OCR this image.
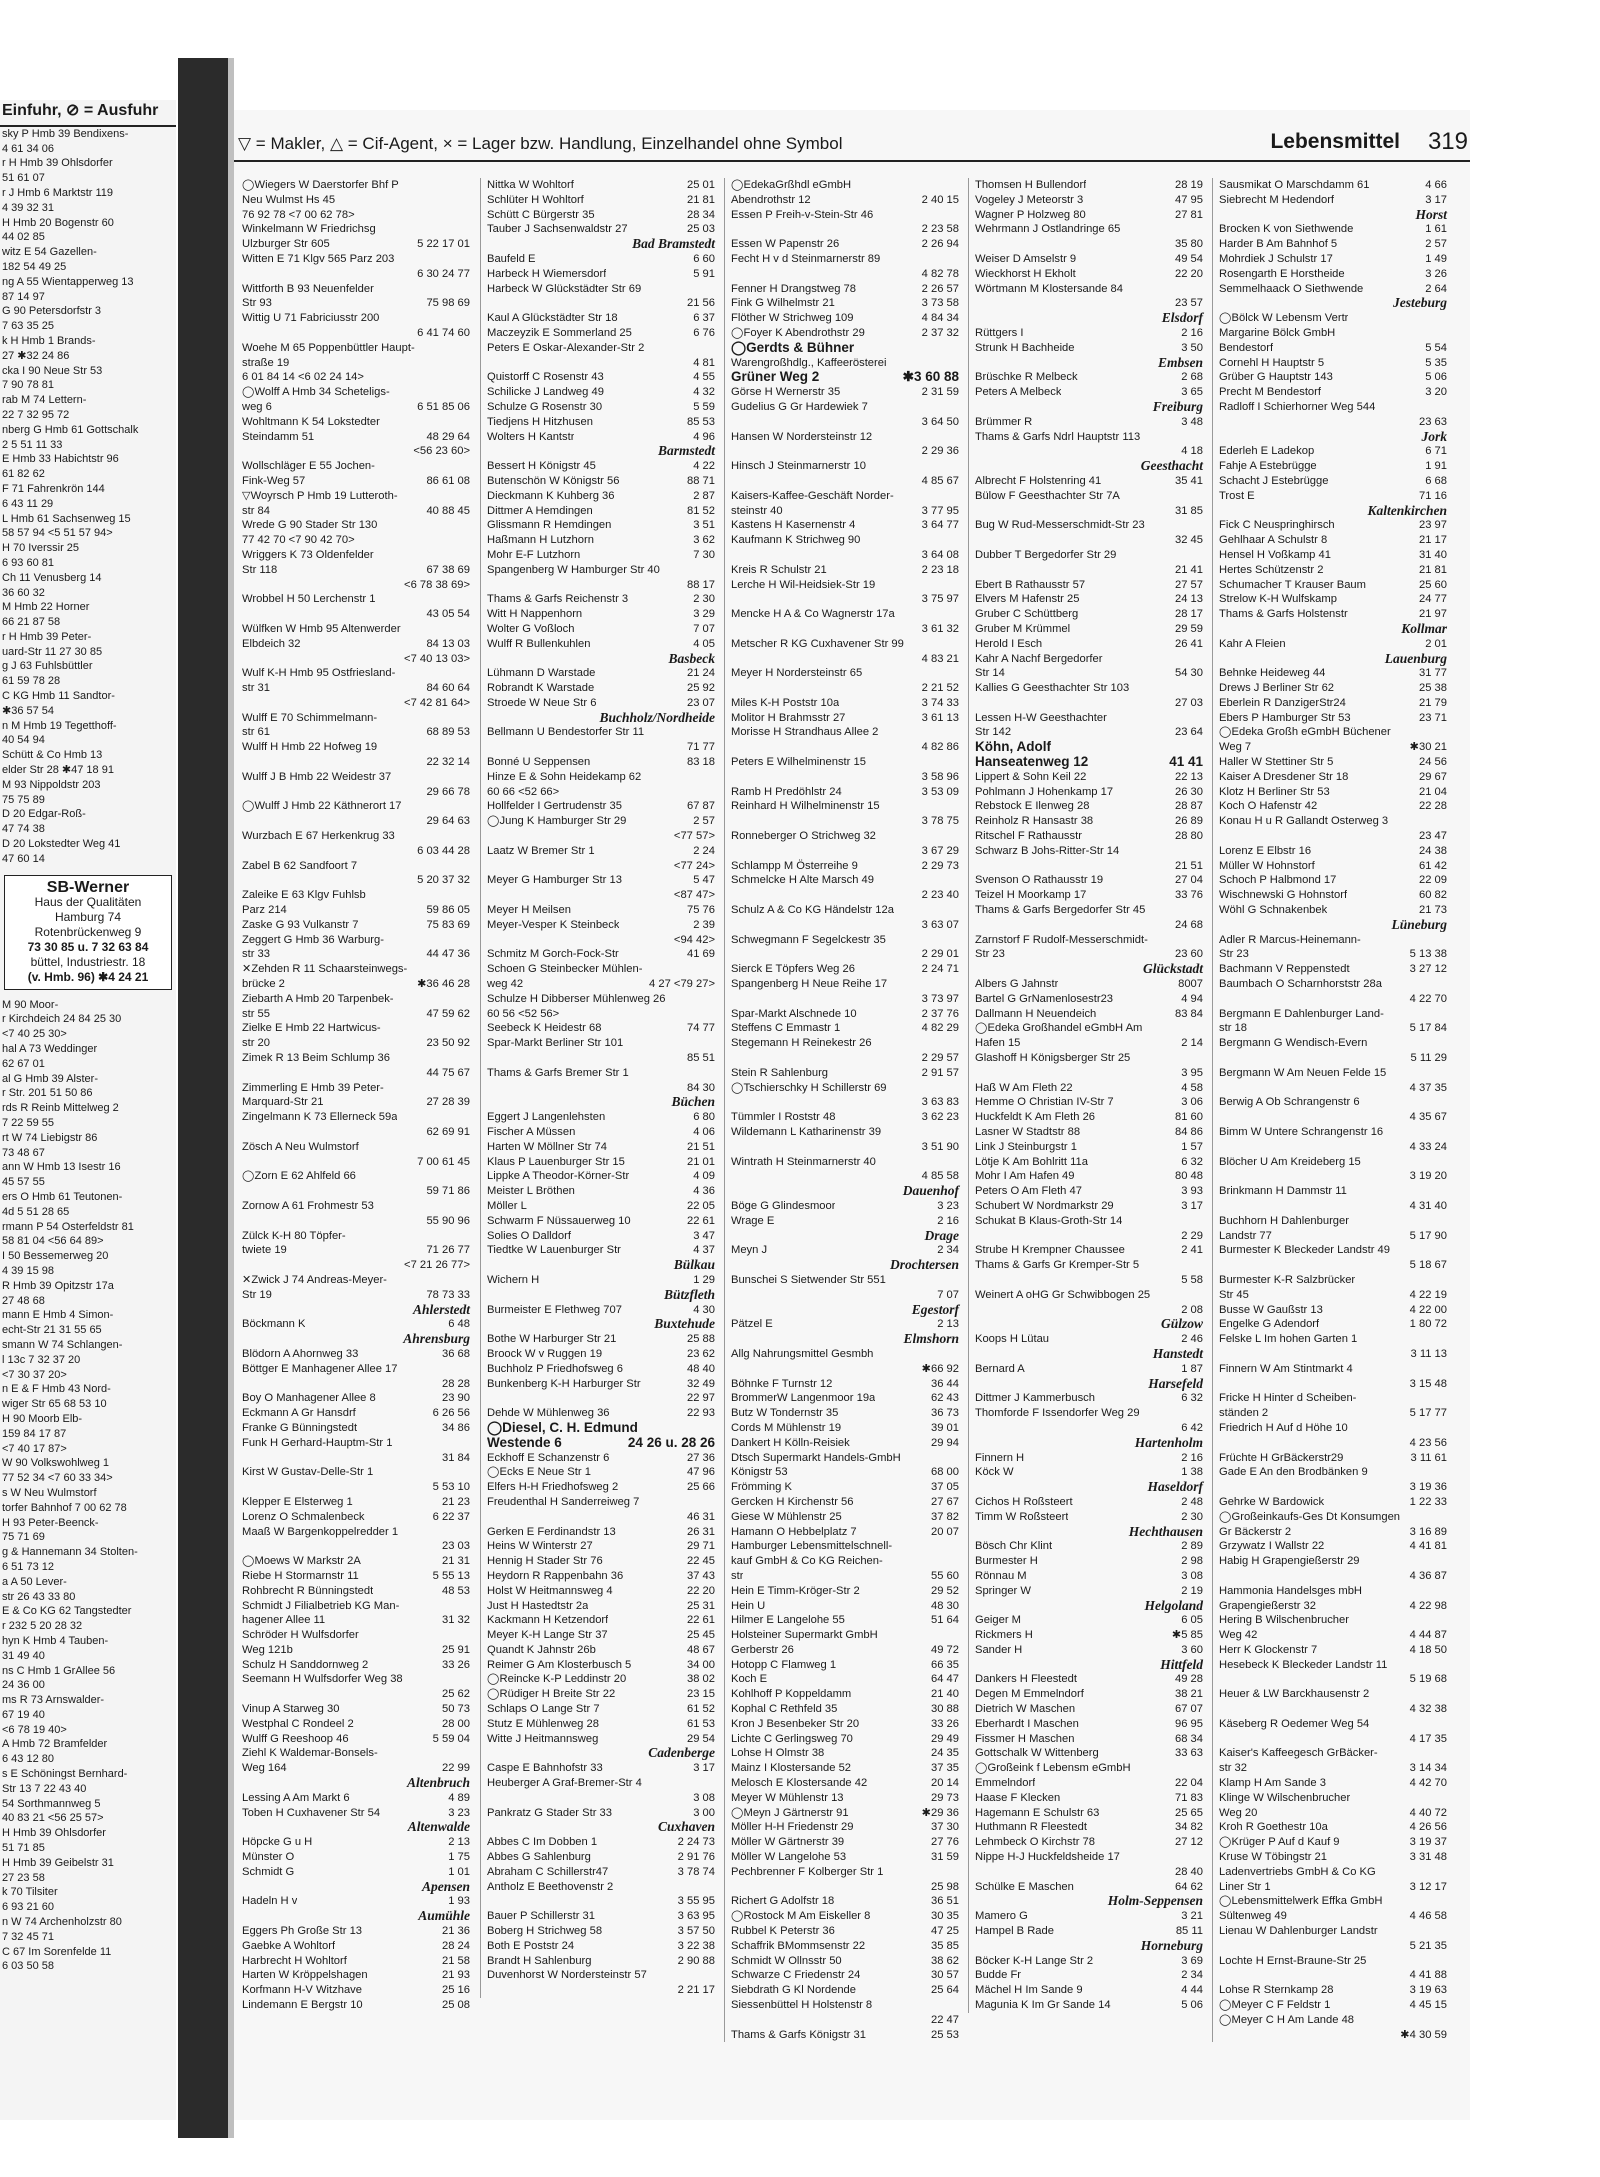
Einfuhr, ⊘ = Ausfuhr
sky P Hmb 39 Bendixens-
4 61 34 06
r H Hmb 39 Ohlsdorfer
51 61 07
r J Hmb 6 Marktstr 119
4 39 32 31
H Hmb 20 Bogenstr 60
44 02 85
witz E 54 Gazellen-
182 54 49 25
ng A 55 Wientapperweg 13
87 14 97
G 90 Petersdorfstr 3
7 63 35 25
k H Hmb 1 Brands-
27 ✱32 24 86
cka I 90 Neue Str 53
7 90 78 81
rab M 74 Lettern-
22 7 32 95 72
nberg G Hmb 61 Gottschalk
2 5 51 11 33
E Hmb 33 Habichtstr 96
61 82 62
F 71 Fahrenkrön 144
6 43 11 29
L Hmb 61 Sachsenweg 15
58 57 94 <5 51 57 94>
H 70 Iverssir 25
6 93 60 81
Ch 11 Venusberg 14
36 60 32
M Hmb 22 Horner
66 21 87 58
r H Hmb 39 Peter-
uard-Str 11 27 30 85
g J 63 Fuhlsbüttler
61 59 78 28
C KG Hmb 11 Sandtor-
✱36 57 54
n M Hmb 19 Tegetthoff-
40 54 94
Schütt & Co Hmb 13
elder Str 28 ✱47 18 91
M 93 Nippoldstr 203
75 75 89
D 20 Edgar-Roß-
47 74 38
D 20 Lokstedter Weg 41
47 60 14
SB-Werner
Haus der Qualitäten
Hamburg 74
Rotenbrückenweg 9
73 30 85 u. 7 32 63 84
büttel, Industriestr. 18
(v. Hmb. 96) ✱4 24 21
M 90 Moor-
r Kirchdeich 24 84 25 30
<7 40 25 30>
hal A 73 Weddinger
62 67 01
al G Hmb 39 Alster-
r Str. 201 51 50 86
rds R Reinb Mittelweg 2
7 22 59 55
rt W 74 Liebigstr 86
73 48 67
ann W Hmb 13 Isestr 16
45 57 55
ers O Hmb 61 Teutonen-
4d 5 51 28 65
rmann P 54 Osterfeldstr 81
58 81 04 <56 64 89>
I 50 Bessemerweg 20
4 39 15 98
R Hmb 39 Opitzstr 17a
27 48 68
mann E Hmb 4 Simon-
echt-Str 21 31 55 65
smann W 74 Schlangen-
l 13c 7 32 37 20
<7 30 37 20>
n E & F Hmb 43 Nord-
wiger Str 65 68 53 10
H 90 Moorb Elb-
159 84 17 87
<7 40 17 87>
W 90 Volkswohlweg 1
77 52 34 <7 60 33 34>
s W Neu Wulmstorf
torfer Bahnhof 7 00 62 78
H 93 Peter-Beenck-
75 71 69
g & Hannemann 34 Stolten-
6 51 73 12
a A 50 Lever-
str 26 43 33 80
E & Co KG 62 Tangstedter
r 232 5 20 28 32
hyn K Hmb 4 Tauben-
31 49 40
ns C Hmb 1 GrAllee 56
24 36 00
ms R 73 Arnswalder-
67 19 40
<6 78 19 40>
A Hmb 72 Bramfelder
6 43 12 80
s E Schöningst Bernhard-
Str 13 7 22 43 40
54 Sorthmannweg 5
40 83 21 <56 25 57>
H Hmb 39 Ohlsdorfer
51 71 85
H Hmb 39 Geibelstr 31
27 23 58
k 70 Tilsiter
6 93 21 60
n W 74 Archenholzstr 80
7 32 45 71
C 67 Im Sorenfelde 11
6 03 50 58
▽ = Makler, △ = Cif-Agent, × = Lager bzw. Handlung, Einzelhandel ohne Symbol	Lebensmittel 319
◯Wiegers W Daerstorfer Bhf P
Neu Wulmst Hs 45
76 92 78 <7 00 62 78>
Winkelmann W Friedrichsg
Ulzburger Str 605	5 22 17 01
Witten E 71 Klgv 565 Parz 203
6 30 24 77
Wittforth B 93 Neuenfelder
Str 93	75 98 69
Wittig U 71 Fabriciusstr 200
6 41 74 60
Woehe M 65 Poppenbüttler Haupt-
straße 19
6 01 84 14 <6 02 24 14>
◯Wolff A Hmb 34 Scheteligs-
weg 6	6 51 85 06
Wohltmann K 54 Lokstedter
Steindamm 51	48 29 64
<56 23 60>
Wollschläger E 55 Jochen-
Fink-Weg 57	86 61 08
▽Woyrsch P Hmb 19 Lutteroth-
str 84	40 88 45
Wrede G 90 Stader Str 130
77 42 70 <7 90 42 70>
Wriggers K 73 Oldenfelder
Str 118	67 38 69
<6 78 38 69>
Wrobbel H 50 Lerchenstr 1
43 05 54
Wülfken W Hmb 95 Altenwerder
Elbdeich 32	84 13 03
<7 40 13 03>
Wulf K-H Hmb 95 Ostfriesland-
str 31	84 60 64
<7 42 81 64>
Wulff E 70 Schimmelmann-
str 61	68 89 53
Wulff H Hmb 22 Hofweg 19
22 32 14
Wulff J B Hmb 22 Weidestr 37
29 66 78
◯Wulff J Hmb 22 Käthnerort 17
29 64 63
Wurzbach E 67 Herkenkrug 33
6 03 44 28
Zabel B 62 Sandfoort 7
5 20 37 32
Zaleike E 63 Klgv Fuhlsb
Parz 214	59 86 05
Zaske G 93 Vulkanstr 7	75 83 69
Zeggert G Hmb 36 Warburg-
str 33	44 47 36
✕Zehden R 11 Schaarsteinwegs-
brücke 2	✱36 46 28
Ziebarth A Hmb 20 Tarpenbek-
str 55	47 59 62
Zielke E Hmb 22 Hartwicus-
str 20	23 50 92
Zimek R 13 Beim Schlump 36
44 75 67
Zimmerling E Hmb 39 Peter-
Marquard-Str 21	27 28 39
Zingelmann K 73 Ellerneck 59a
62 69 91
Zösch A Neu Wulmstorf
7 00 61 45
◯Zorn E 62 Ahlfeld 66
59 71 86
Zornow A 61 Frohmestr 53
55 90 96
Zülck K-H 80 Töpfer-
twiete 19	71 26 77
<7 21 26 77>
✕Zwick J 74 Andreas-Meyer-
Str 19	78 73 33
Ahlerstedt
Böckmann K	6 48
Ahrensburg
Blödorn A Ahornweg 33	36 68
Böttger E Manhagener Allee 17
28 28
Boy O Manhagener Allee 8	23 90
Eckmann A Gr Hansdrf	6 26 56
Franke G Bünningstedt	34 86
Funk H Gerhard-Hauptm-Str 1
31 84
Kirst W Gustav-Delle-Str 1
5 53 10
Klepper E Elsterweg 1	21 23
Lorenz O Schmalenbeck	6 22 37
Maaß W Bargenkoppelredder 1
23 03
◯Moews W Markstr 2A	21 31
Riebe H Stormarnstr 11	5 55 13
Rohbrecht R Bünningstedt	48 53
Schmidt J Filialbetrieb KG Man-
hagener Allee 11	31 32
Schröder H Wulfsdorfer
Weg 121b	25 91
Schulz H Sanddornweg 2	33 26
Seemann H Wulfsdorfer Weg 38
25 62
Vinup A Starweg 30	50 73
Westphal C Rondeel 2	28 00
Wulff G Reeshoop 46	5 59 04
Ziehl K Waldemar-Bonsels-
Weg 164	22 99
Altenbruch
Lessing A Am Markt 6	4 89
Toben H Cuxhavener Str 54	3 23
Altenwalde
Höpcke G u H	2 13
Münster O	1 75
Schmidt G	1 01
Apensen
Hadeln H v	1 93
Aumühle
Eggers Ph Große Str 13	21 36
Gaebke A Wohltorf	28 24
Harbrecht H Wohltorf	21 58
Harten W Kröppelshagen	21 93
Korfmann H-V Witzhave	25 16
Lindemann E Bergstr 10	25 08
Nittka W Wohltorf	25 01
Schlüter H Wohltorf	21 81
Schütt C Bürgerstr 35	28 34
Tauber J Sachsenwaldstr 27	25 03
Bad Bramstedt
Baufeld E	6 60
Harbeck H Wiemersdorf	5 91
Harbeck W Glückstädter Str 69
21 56
Kaul A Glückstädter Str 18	6 37
Maczeyzik E Sommerland 25	6 76
Peters E Oskar-Alexander-Str 2
4 81
Quistorff C Rosenstr 43	4 55
Schilicke J Landweg 49	4 32
Schulze G Rosenstr 30	5 59
Tiedjens H Hitzhusen	85 53
Wolters H Kantstr	4 96
Barmstedt
Bessert H Königstr 45	4 22
Butenschön W Königstr 56	88 71
Dieckmann K Kuhberg 36	2 87
Dittmer A Hemdingen	81 52
Glissmann R Hemdingen	3 51
Haßmann H Lutzhorn	3 62
Mohr E-F Lutzhorn	7 30
Spangenberg W Hamburger Str 40
88 17
Thams & Garfs Reichenstr 3	2 30
Witt H Nappenhorn	3 29
Wolter G Voßloch	7 07
Wulff R Bullenkuhlen	4 05
Basbeck
Lühmann D Warstade	21 24
Robrandt K Warstade	25 92
Stroede W Neue Str 6	23 07
Buchholz/Nordheide
Bellmann U Bendestorfer Str 11
71 77
Bonné U Seppensen	83 18
Hinze E & Sohn Heidekamp 62
60 66 <52 66>
Hollfelder I Gertrudenstr 35	67 87
◯Jung K Hamburger Str 29	2 57
<77 57>
Laatz W Bremer Str 1	2 24
<77 24>
Meyer G Hamburger Str 13	5 47
<87 47>
Meyer H Meilsen	75 76
Meyer-Vesper K Steinbeck	2 39
<94 42>
Schmitz M Gorch-Fock-Str	41 69
Schoen G Steinbecker Mühlen-
weg 42	4 27 <79 27>
Schulze H Dibberser Mühlenweg 26
60 56 <52 56>
Seebeck K Heidestr 68	74 77
Spar-Markt Berliner Str 101
85 51
Thams & Garfs Bremer Str 1
84 30
Büchen
Eggert J Langenlehsten	6 80
Fischer A Müssen	4 06
Harten W Möllner Str 74	21 51
Klaus P Lauenburger Str 15	21 01
Lippke A Theodor-Körner-Str	4 09
Meister L Bröthen	4 36
Möller L	22 05
Schwarm F Nüssauerweg 10	22 61
Solies O Dalldorf	3 47
Tiedtke W Lauenburger Str	4 37
Bülkau
Wichern H	1 29
Bützfleth
Burmeister E Flethweg 707	4 30
Buxtehude
Bothe W Harburger Str 21	25 88
Broock W v Ruggen 19	23 62
Buchholz P Friedhofsweg 6	48 40
Bunkenberg K-H Harburger Str	32 49
22 97
Dehde W Mühlenweg 36	22 93
◯Diesel, C. H. Edmund
Westende 6	24 26 u. 28 26
Eckhoff E Schanzenstr 6	27 36
◯Ecks E Neue Str 1	47 96
Elfers H-H Friedhofsweg 2	25 66
Freudenthal H Sanderreiweg 7
46 31
Gerken E Ferdinandstr 13	26 31
Heins W Winterstr 27	29 71
Hennig H Stader Str 76	22 45
Heydorn R Rappenbahn 36	37 43
Holst W Heitmannsweg 4	22 20
Just H Hastedtstr 2a	25 31
Kackmann H Ketzendorf	22 61
Meyer K-H Lange Str 37	25 45
Quandt K Jahnstr 26b	48 67
Reimer G Am Klosterbusch 5	34 00
◯Reincke K-P Leddinstr 20	38 02
◯Rüdiger H Breite Str 22	23 15
Schlaps O Lange Str 7	61 52
Stutz E Mühlenweg 28	61 53
Witte J Heitmannsweg	29 54
Cadenberge
Caspe E Bahnhofstr 33	3 17
Heuberger A Graf-Bremer-Str 4
3 08
Pankratz G Stader Str 33	3 00
Cuxhaven
Abbes C Im Dobben 1	2 24 73
Abbes G Sahlenburg	2 91 76
Abraham C Schillerstr47	3 78 74
Antholz E Beethovenstr 2
3 55 95
Bauer P Schillerstr 31	3 63 95
Boberg H Strichweg 58	3 57 50
Both E Poststr 24	3 22 38
Brandt H Sahlenburg	2 90 88
Duvenhorst W Nordersteinstr 57
2 21 17
◯EdekaGrßhdl eGmbH
Abendrothstr 12	2 40 15
Essen P Freih-v-Stein-Str 46
2 23 58
Essen W Papenstr 26	2 26 94
Fecht H v d Steinmarnerstr 89
4 82 78
Fenner H Drangstweg 78	2 26 57
Fink G Wilhelmstr 21	3 73 58
Flöther W Strichweg 109	4 84 34
◯Foyer K Abendrothstr 29	2 37 32
◯Gerdts & Bühner
Warengroßhdlg., Kaffeerösterei
Grüner Weg 2	✱3 60 88
Görse H Wernerstr 35	2 31 59
Gudelius G Gr Hardewiek 7
3 64 50
Hansen W Nordersteinstr 12
2 29 36
Hinsch J Steinmarnerstr 10
4 85 67
Kaisers-Kaffee-Geschäft Norder-
steinstr 40	3 77 95
Kastens H Kasernenstr 4	3 64 77
Kaufmann K Strichweg 90
3 64 08
Kreis R Schulstr 21	2 23 18
Lerche H Wil-Heidsiek-Str 19
3 75 97
Mencke H A & Co Wagnerstr 17a
3 61 32
Metscher R KG Cuxhavener Str 99
4 83 21
Meyer H Nordersteinstr 65
2 21 52
Miles K-H Poststr 10a	3 74 33
Molitor H Brahmsstr 27	3 61 13
Morisse H Strandhaus Allee 2
4 82 86
Peters E Wilhelminenstr 15
3 58 96
Ramb H Predöhlstr 24	3 53 09
Reinhard H Wilhelminenstr 15
3 78 75
Ronneberger O Strichweg 32
3 67 29
Schlampp M Österreihe 9	2 29 73
Schmelcke H Alte Marsch 49
2 23 40
Schulz A & Co KG Händelstr 12a
3 63 07
Schwegmann F Segelckestr 35
2 29 01
Sierck E Töpfers Weg 26	2 24 71
Spangenberg H Neue Reihe 17
3 73 97
Spar-Markt Alschnede 10	2 37 76
Steffens C Emmastr 1	4 82 29
Stegemann H Reinekestr 26
2 29 57
Stein R Sahlenburg	2 91 57
◯Tschierschky H Schillerstr 69
3 63 83
Tümmler I Roststr 48	3 62 23
Wildemann L Katharinenstr 39
3 51 90
Wintrath H Steinmarnerstr 40
4 85 58
Dauenhof
Böge G Glindesmoor	3 23
Wrage E	2 16
Drage
Meyn J	2 34
Drochtersen
Bunschei S Sietwender Str 551
7 07
Egestorf
Pätzel E	2 13
Elmshorn
Allg Nahrungsmittel Gesmbh
✱66 92
Böhnke F Turnstr 12	36 44
BrommerW Langenmoor 19a	62 43
Butz W Tondernstr 35	36 73
Cords M Mühlenstr 19	39 01
Dankert H Kölln-Reisiek	29 94
Dtsch Supermarkt Handels-GmbH
Königstr 53	68 00
Frömming K	37 05
Gercken H Kirchenstr 56	27 67
Giese W Mühlenstr 25	37 82
Hamann O Hebbelplatz 7	20 07
Hamburger Lebensmittelschnell-
kauf GmbH & Co KG Reichen-
str	55 60
Hein E Timm-Kröger-Str 2	29 52
Hein U	48 30
Hilmer E Langelohe 55	51 64
Holsteiner Supermarkt GmbH
Gerberstr 26	49 72
Hotopp C Flamweg 1	66 35
Koch E	64 47
Kohlhoff P Koppeldamm	21 40
Kophal C Rethfeld 35	30 88
Kron J Besenbeker Str 20	33 26
Lichte C Gerlingsweg 70	29 49
Lohse H Olmstr 38	24 35
Mainz I Klostersande 52	37 35
Melosch E Klostersande 42	20 14
Meyer W Mühlenstr 13	29 73
◯Meyn J Gärtnerstr 91	✱29 36
Möller H-H Friedenstr 29	37 30
Möller W Gärtnerstr 39	27 76
Möller W Langelohe 53	31 59
Pechbrenner F Kolberger Str 1
25 98
Richert G Adolfstr 18	36 51
◯Rostock M Am Eiskeller 8	30 35
Rubbel K Peterstr 36	47 25
Schaffrik BMommsenstr 22	35 85
Schmidt W Ollnsstr 50	38 62
Schwarze C Friedenstr 24	30 57
Siebdrath G Kl Nordende	25 64
Siessenbüttel H Holstenstr 8
22 47
Thams & Garfs Königstr 31	25 53
Thomsen H Bullendorf	28 19
Vogeley J Meteorstr 3	47 95
Wagner P Holzweg 80	27 81
Wehrmann J Ostlandringe 65
35 80
Weiser D Amselstr 9	49 54
Wieckhorst H Ekholt	22 20
Wörtmann M Klostersande 84
23 57
Elsdorf
Rüttgers I	2 16
Strunk H Bachheide	3 50
Embsen
Brüschke R Melbeck	2 68
Peters A Melbeck	3 65
Freiburg
Brümmer R	3 48
Thams & Garfs Ndrl Hauptstr 113
4 18
Geesthacht
Albrecht F Holstenring 41	35 41
Bülow F Geesthachter Str 7A
31 85
Bug W Rud-Messerschmidt-Str 23
32 45
Dubber T Bergedorfer Str 29
21 41
Ebert B Rathausstr 57	27 57
Elvers M Hafenstr 25	24 13
Gruber C Schüttberg	28 17
Gruber M Krümmel	29 59
Herold I Esch	26 41
Kahr A Nachf Bergedorfer
Str 14	54 30
Kallies G Geesthachter Str 103
27 03
Lessen H-W Geesthachter
Str 142	23 64
Köhn, Adolf
Hanseatenweg 12	41 41
Lippert & Sohn Keil 22	22 13
Pohlmann J Hohenkamp 17	26 30
Rebstock E Ilenweg 28	28 87
Reinholz R Hansastr 38	26 89
Ritschel F Rathausstr	28 80
Schwarz B Johs-Ritter-Str 14
21 51
Svenson O Rathausstr 19	27 04
Teizel H Moorkamp 17	33 76
Thams & Garfs Bergedorfer Str 45
24 68
Zarnstorf F Rudolf-Messerschmidt-
Str 23	23 60
Glückstadt
Albers G Jahnstr	8007
Bartel G GrNamenlosestr23	4 94
Dallmann H Neuendeich	83 84
◯Edeka Großhandel eGmbH Am
Hafen 15	2 14
Glashoff H Königsberger Str 25
3 95
Haß W Am Fleth 22	4 58
Hemme O Christian IV-Str 7	3 06
Huckfeldt K Am Fleth 26	81 60
Lasner W Stadtstr 88	84 86
Link J Steinburgstr 1	1 57
Lötje K Am Bohlritt 11a	6 32
Mohr I Am Hafen 49	80 48
Peters O Am Fleth 47	3 93
Schubert W Nordmarkstr 29	3 17
Schukat B Klaus-Groth-Str 14
2 29
Strube H Krempner Chaussee	2 41
Thams & Garfs Gr Kremper-Str 5
5 58
Weinert A oHG Gr Schwibbogen 25
2 08
Gülzow
Koops H Lütau	2 46
Hanstedt
Bernard A	1 87
Harsefeld
Dittmer J Kammerbusch	6 32
Thomforde F Issendorfer Weg 29
6 42
Hartenholm
Finnern H	2 16
Köck W	1 38
Haseldorf
Cichos H Roßsteert	2 48
Timm W Roßsteert	2 30
Hechthausen
Bösch Chr Klint	2 89
Burmester H	2 98
Rönnau M	3 08
Springer W	2 19
Helgoland
Geiger M	6 05
Rickmers H	✱5 85
Sander H	3 60
Hittfeld
Dankers H Fleestedt	49 28
Degen M Emmelndorf	38 21
Dietrich W Maschen	67 07
Eberhardt I Maschen	96 95
Fissmer H Maschen	68 34
Gottschalk W Wittenberg	33 63
◯Großeink f Lebensm eGmbH
Emmelndorf	22 04
Haase F Klecken	71 83
Hagemann E Schulstr 63	25 65
Huthmann R Fleestedt	34 82
Lehmbeck O Kirchstr 78	27 12
Nippe H-J Huckfeldsheide 17
28 40
Schülke E Maschen	64 62
Holm-Seppensen
Mamero G	3 21
Hampel B Rade	85 11
Horneburg
Böcker K-H Lange Str 2	3 69
Budde Fr	2 34
Mächel H Im Sande 9	4 44
Magunia K Im Gr Sande 14	5 06
Sausmikat O Marschdamm 61	4 66
Siebrecht M Hedendorf	3 17
Horst
Brocken K von Siethwende	1 61
Harder B Am Bahnhof 5	2 57
Mohrdiek J Schulstr 17	1 49
Rosengarth E Horstheide	3 26
Semmelhaack O Siethwende	2 64
Jesteburg
◯Bölck W Lebensm Vertr
Margarine Bölck GmbH
Bendestorf	5 54
Cornehl H Hauptstr 5	5 35
Grüber G Hauptstr 143	5 06
Precht M Bendestorf	3 20
Radloff I Schierhorner Weg 544
23 63
Jork
Ederleh E Ladekop	6 71
Fahje A Estebrügge	1 91
Schacht J Estebrügge	6 68
Trost E	71 16
Kaltenkirchen
Fick C Neuspringhirsch	23 97
Gehlhaar A Schulstr 8	21 17
Hensel H Voßkamp 41	31 40
Hertes Schützenstr 2	21 81
Schumacher T Krauser Baum	25 60
Strelow K-H Wulfskamp	24 77
Thams & Garfs Holstenstr	21 97
Kollmar
Kahr A Fleien	2 01
Lauenburg
Behnke Heideweg 44	31 77
Drews J Berliner Str 62	25 38
Eberlein R DanzigerStr24	21 79
Ebers P Hamburger Str 53	23 71
◯Edeka Großh eGmbH Büchener
Weg 7	✱30 21
Haller W Stettiner Str 5	24 56
Kaiser A Dresdener Str 18	29 67
Klotz H Berliner Str 53	21 04
Koch O Hafenstr 42	22 28
Konau H u R Gallandt Osterweg 3
23 47
Lorenz E Elbstr 16	24 38
Müller W Hohnstorf	61 42
Schoch P Halbmond 17	22 09
Wischnewski G Hohnstorf	60 82
Wöhl G Schnakenbek	21 73
Lüneburg
Adler R Marcus-Heinemann-
Str 23	5 13 38
Bachmann V Reppenstedt	3 27 12
Baumbach O Scharnhorststr 28a
4 22 70
Bergmann E Dahlenburger Land-
str 18	5 17 84
Bergmann G Wendisch-Evern
5 11 29
Bergmann W Am Neuen Felde 15
4 37 35
Berwig A Ob Schrangenstr 6
4 35 67
Bimm W Untere Schrangenstr 16
4 33 24
Blöcher U Am Kreideberg 15
3 19 20
Brinkmann H Dammstr 11
4 31 40
Buchhorn H Dahlenburger
Landstr 77	5 17 90
Burmester K Bleckeder Landstr 49
5 18 67
Burmester K-R Salzbrücker
Str 45	4 22 19
Busse W Gaußstr 13	4 22 00
Engelke G Adendorf	1 80 72
Felske L Im hohen Garten 1
3 11 13
Finnern W Am Stintmarkt 4
3 15 48
Fricke H Hinter d Scheiben-
ständen 2	5 17 77
Friedrich H Auf d Höhe 10
4 23 56
Früchte H GrBäckerstr29	3 11 61
Gade E An den Brodbänken 9
3 19 36
Gehrke W Bardowick	1 22 33
◯Großeinkaufs-Ges Dt Konsumgen
Gr Bäckerstr 2	3 16 89
Grzywatz I Wallstr 22	4 41 81
Habig H Grapengießerstr 29
4 36 87
Hammonia Handelsges mbH
Grapengießerstr 32	4 22 98
Hering B Wilschenbrucher
Weg 42	4 44 87
Herr K Glockenstr 7	4 18 50
Hesebeck K Bleckeder Landstr 11
5 19 68
Heuer & LW Barckhausenstr 2
4 32 38
Käseberg R Oedemer Weg 54
4 17 35
Kaiser's Kaffeegesch GrBäcker-
str 32	3 14 34
Klamp H Am Sande 3	4 42 70
Klinge W Wilschenbrucher
Weg 20	4 40 72
Kroh R Goethestr 10a	4 26 56
◯Krüger P Auf d Kauf 9	3 19 37
Kruse W Töbingstr 21	3 31 48
Ladenvertriebs GmbH & Co KG
Liner Str 1	3 12 17
◯Lebensmittelwerk Effka GmbH
Sültenweg 49	4 46 58
Lienau W Dahlenburger Landstr
5 21 35
Lochte H Ernst-Braune-Str 25
4 41 88
Lohse R Sternkamp 28	3 19 63
◯Meyer C F Feldstr 1	4 45 15
◯Meyer C H Am Lande 48
✱4 30 59
